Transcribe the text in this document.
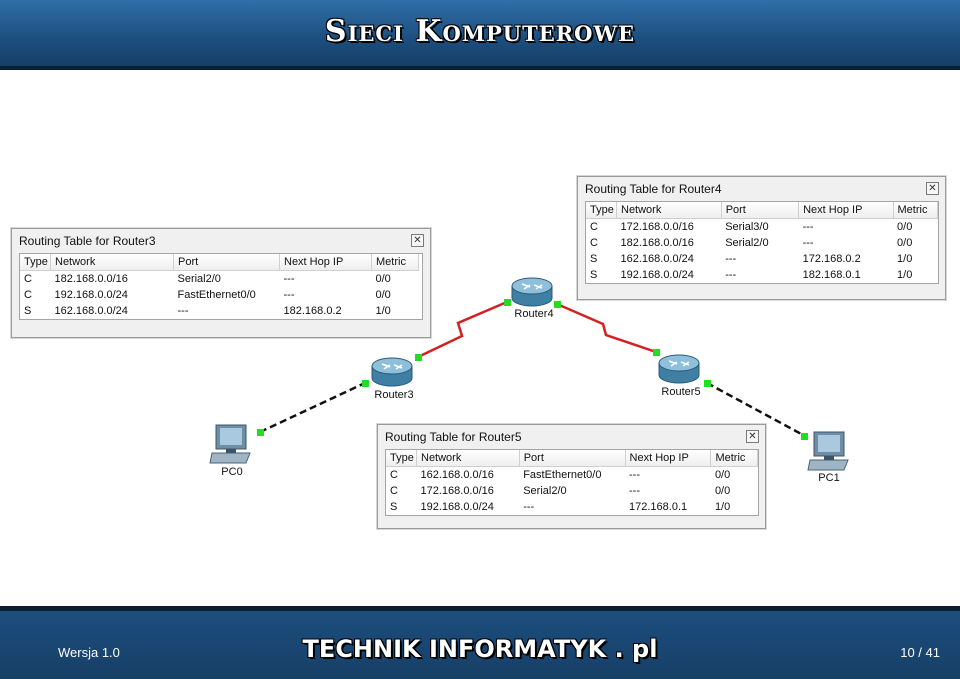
Sieci Komputerowe
Router4
Router3	Router5
PC0	PC1
Routing Table for Router3	✕
Type	Network	Port	Next Hop IP	Metric
C	182.168.0.0/16	Serial2/0	---	0/0
C	192.168.0.0/24	FastEthernet0/0	---	0/0
S	162.168.0.0/24	---	182.168.0.2	1/0
Routing Table for Router4	✕
Type	Network	Port	Next Hop IP	Metric
C	172.168.0.0/16	Serial3/0	---	0/0
C	182.168.0.0/16	Serial2/0	---	0/0
S	162.168.0.0/24	---	172.168.0.2	1/0
S	192.168.0.0/24	---	182.168.0.1	1/0
Routing Table for Router5	✕
Type	Network	Port	Next Hop IP	Metric
C	162.168.0.0/16	FastEthernet0/0	---	0/0
C	172.168.0.0/16	Serial2/0	---	0/0
S	192.168.0.0/24	---	172.168.0.1	1/0
Wersja 1.0	TECHNIK INFORMATYK . pl	10 / 41
